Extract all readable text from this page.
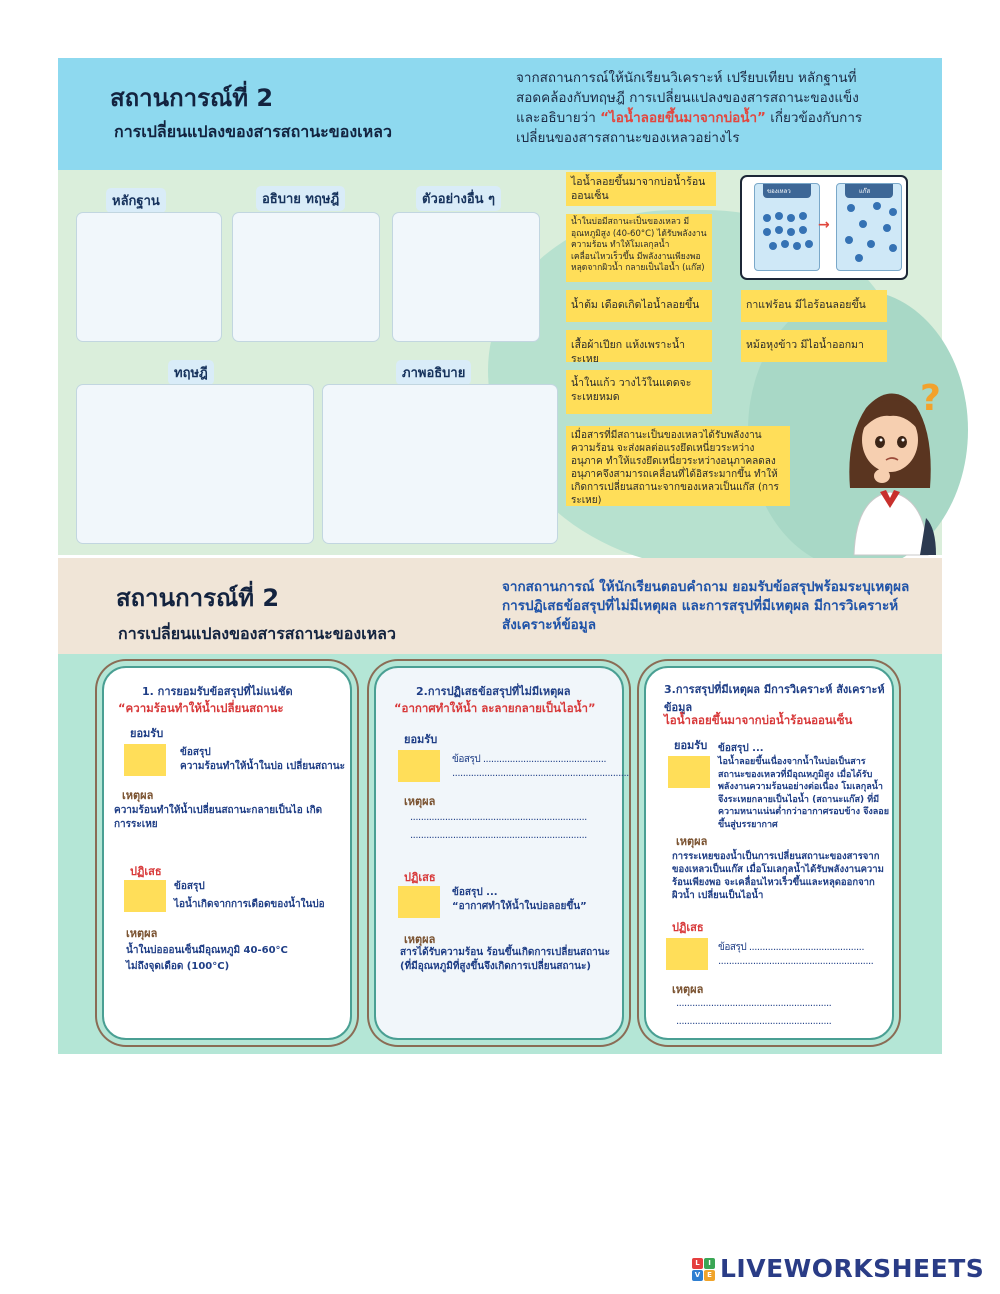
สถานการณ์ที่ 2
การเปลี่ยนแปลงของสารสถานะของเหลว
จากสถานการณ์ให้นักเรียนวิเคราะห์ เปรียบเทียบ หลักฐานที่
สอดคล้องกับทฤษฎี การเปลี่ยนแปลงของสารสถานะของแข็ง
และอธิบายว่า “ไอน้ำลอยขึ้นมาจากบ่อน้ำ” เกี่ยวข้องกับการ
เปลี่ยนของสารสถานะของเหลวอย่างไร
หลักฐาน	อธิบาย ทฤษฎี	ตัวอย่างอื่น ๆ
ทฤษฎี	ภาพอธิบาย
ไอน้ำลอยขึ้นมาจากบ่อน้ำร้อน ออนเซ็น
น้ำในบ่อมีสถานะเป็นของเหลว มีอุณหภูมิสูง (40-60°C) ได้รับพลังงานความร้อน ทำให้โมเลกุลน้ำเคลื่อนไหวเร็วขึ้น มีพลังงานเพียงพอหลุดจากผิวน้ำ กลายเป็นไอน้ำ (แก๊ส)
น้ำต้ม เดือดเกิดไอน้ำลอยขึ้น	กาแฟร้อน มีไอร้อนลอยขึ้น
เสื้อผ้าเปียก แห้งเพราะน้ำระเหย
หม้อหุงข้าว มีไอน้ำออกมา
น้ำในแก้ว วางไว้ในแดดจะระเหยหมด
เมื่อสารที่มีสถานะเป็นของเหลวได้รับพลังงานความร้อน จะส่งผลต่อแรงยึดเหนี่ยวระหว่างอนุภาค ทำให้แรงยึดเหนี่ยวระหว่างอนุภาคลดลง อนุภาคจึงสามารถเคลื่อนที่ได้อิสระมากขึ้น ทำให้เกิดการเปลี่ยนสถานะจากของเหลวเป็นแก๊ส (การระเหย)
ของเหลว
→
แก๊ส
?
สถานการณ์ที่ 2
การเปลี่ยนแปลงของสารสถานะของเหลว
จากสถานการณ์ ให้นักเรียนตอบคำถาม ยอมรับข้อสรุปพร้อมระบุเหตุผล
การปฏิเสธข้อสรุปที่ไม่มีเหตุผล และการสรุปที่มีเหตุผล มีการวิเคราะห์
สังเคราะห์ข้อมูล
1. การยอมรับข้อสรุปที่ไม่แน่ชัด
“ความร้อนทำให้น้ำเปลี่ยนสถานะ
ยอมรับ
ข้อสรุป
ความร้อนทำให้น้ำในบ่อ เปลี่ยนสถานะ
เหตุผล
ความร้อนทำให้น้ำเปลี่ยนสถานะกลายเป็นไอ เกิดการระเหย
ปฏิเสธ
ข้อสรุป
ไอน้ำเกิดจากการเดือดของน้ำในบ่อ
เหตุผล
น้ำในบ่อออนเซ็นมีอุณหภูมิ 40-60°C
ไม่ถึงจุดเดือด (100°C)
2.การปฏิเสธข้อสรุปที่ไม่มีเหตุผล
“อากาศทำให้น้ำ ละลายกลายเป็นไอน้ำ”
ยอมรับ
ข้อสรุป ..............................................
..................................................................
เหตุผล
..................................................................
..................................................................
ปฏิเสธ
ข้อสรุป ...
“อากาศทำให้น้ำในบ่อลอยขึ้น”
เหตุผล
สารได้รับความร้อน ร้อนขึ้นเกิดการเปลี่ยนสถานะ
(ที่มีอุณหภูมิที่สูงขึ้นจึงเกิดการเปลี่ยนสถานะ)
3.การสรุปที่มีเหตุผล มีการวิเคราะห์ สังเคราะห์
ข้อมูล
ไอน้ำลอยขึ้นมาจากบ่อน้ำร้อนออนเซ็น
ยอมรับ ข้อสรุป ...
ไอน้ำลอยขึ้นเนื่องจากน้ำในบ่อเป็นสารสถานะของเหลวที่มีอุณหภูมิสูง เมื่อได้รับพลังงานความร้อนอย่างต่อเนื่อง โมเลกุลน้ำจึงระเหยกลายเป็นไอน้ำ (สถานะแก๊ส) ที่มีความหนาแน่นต่ำกว่าอากาศรอบข้าง จึงลอยขึ้นสู่บรรยากาศ
เหตุผล
การระเหยของน้ำเป็นการเปลี่ยนสถานะของสารจากของเหลวเป็นแก๊ส เมื่อโมเลกุลน้ำได้รับพลังงานความร้อนเพียงพอ จะเคลื่อนไหวเร็วขึ้นและหลุดออกจากผิวน้ำ เปลี่ยนเป็นไอน้ำ
ปฏิเสธ
ข้อสรุป ...........................................
..........................................................
เหตุผล
..........................................................
..........................................................
L	I
V E LIVEWORKSHEETS
